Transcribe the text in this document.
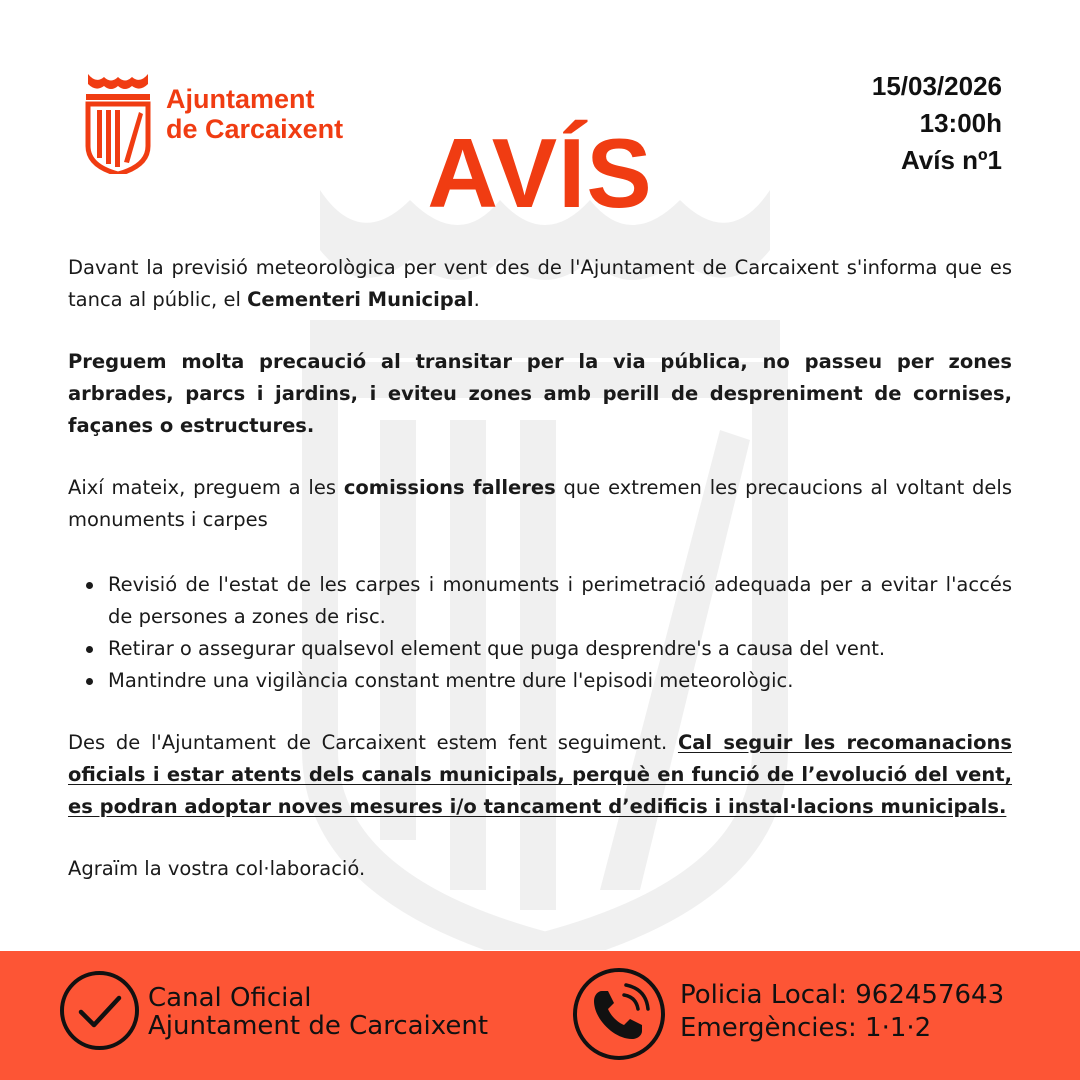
Ajuntament
de Carcaixent
15/03/2026
13:00h
Avís nº1
AVÍS

Davant la previsió meteorològica per vent des de l'Ajuntament de Carcaixent s'informa que es tanca al públic, el Cementeri Municipal.

Preguem molta precaució al transitar per la via pública, no passeu per zones arbrades, parcs i jardins, i eviteu zones amb perill de despreniment de cornises, façanes o estructures.

Així mateix, preguem a les comissions falleres que extremen les precaucions al voltant dels monuments i carpes

Revisió de l'estat de les carpes i monuments i perimetració adequada per a evitar l'accés de persones a zones de risc.
Retirar o assegurar qualsevol element que puga desprendre's a causa del vent.
Mantindre una vigilància constant mentre dure l'episodi meteorològic.

Des de l'Ajuntament de Carcaixent estem fent seguiment. Cal seguir les recomanacions oficials i estar atents dels canals municipals, perquè en funció de l’evolució del vent, es podran adoptar noves mesures i/o tancament d’edificis i instal·lacions municipals.

Agraïm la vostra col·laboració.

Canal Oficial
Ajuntament de Carcaixent
Policia Local: 962457643
Emergències: 1·1·2
